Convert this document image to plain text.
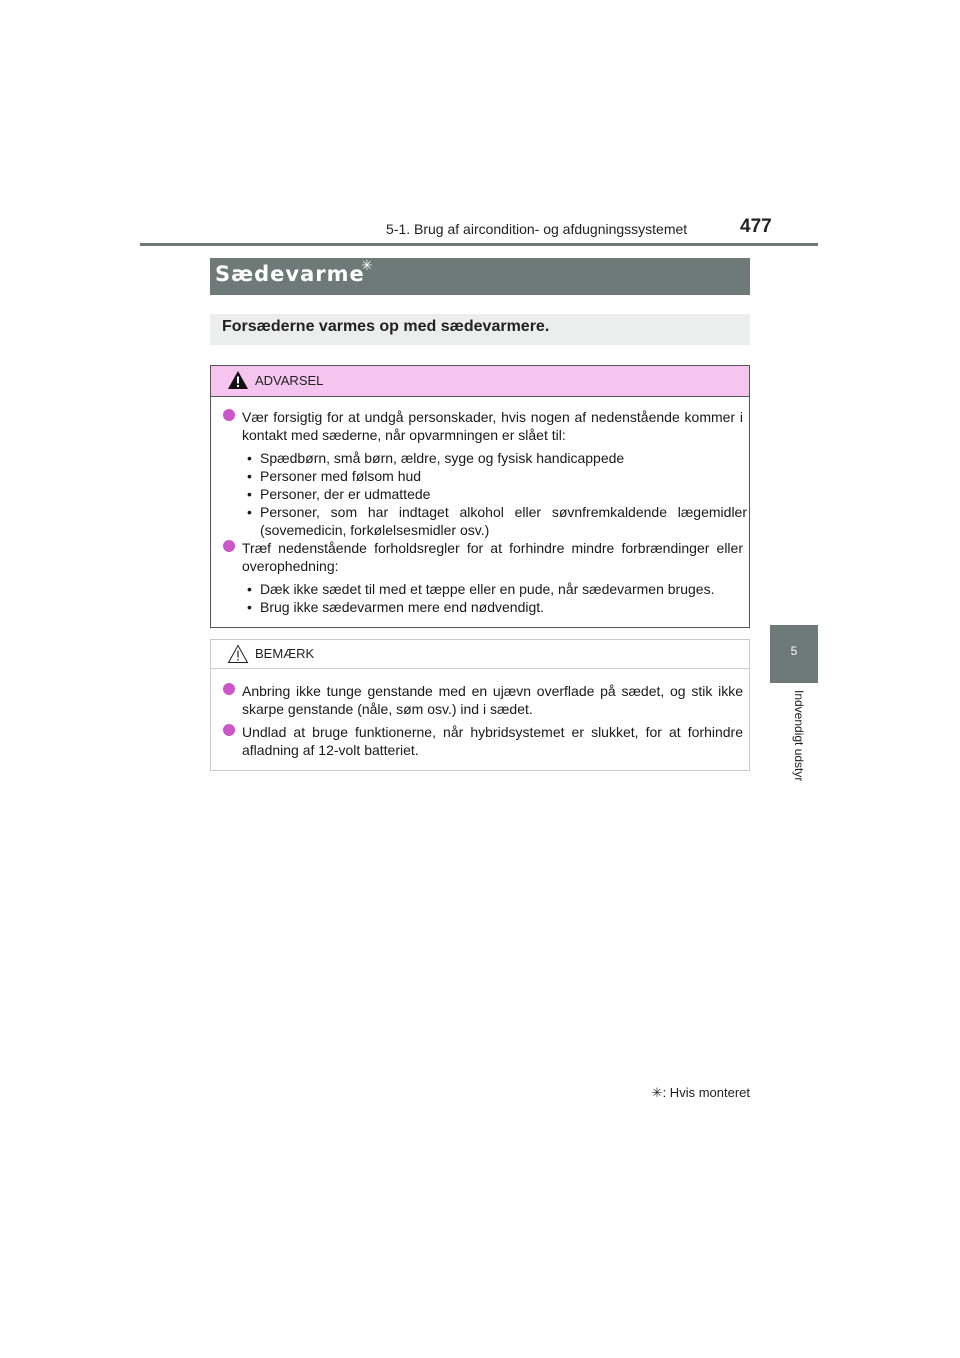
5-1. Brug af aircondition- og afdugningssystemet	477
5
Indvendigt udstyr
Sædevarme
✳
Forsæderne varmes op med sædevarmere.
ADVARSEL
Vær forsigtig for at undgå personskader, hvis nogen af nedenstående kommer i kontakt med sæderne, når opvarmningen er slået til:
• Spædbørn, små børn, ældre, syge og fysisk handicappede
• Personer med følsom hud
• Personer, der er udmattede
• Personer, som har indtaget alkohol eller søvnfremkaldende lægemidler (sovemedicin, forkølelsesmidler osv.)
Træf nedenstående forholdsregler for at forhindre mindre forbrændinger eller overophedning:
• Dæk ikke sædet til med et tæppe eller en pude, når sædevarmen bruges.
• Brug ikke sædevarmen mere end nødvendigt.
BEMÆRK
Anbring ikke tunge genstande med en ujævn overflade på sædet, og stik ikke skarpe genstande (nåle, søm osv.) ind i sædet.
Undlad at bruge funktionerne, når hybridsystemet er slukket, for at forhindre afladning af 12-volt batteriet.
✳: Hvis monteret
